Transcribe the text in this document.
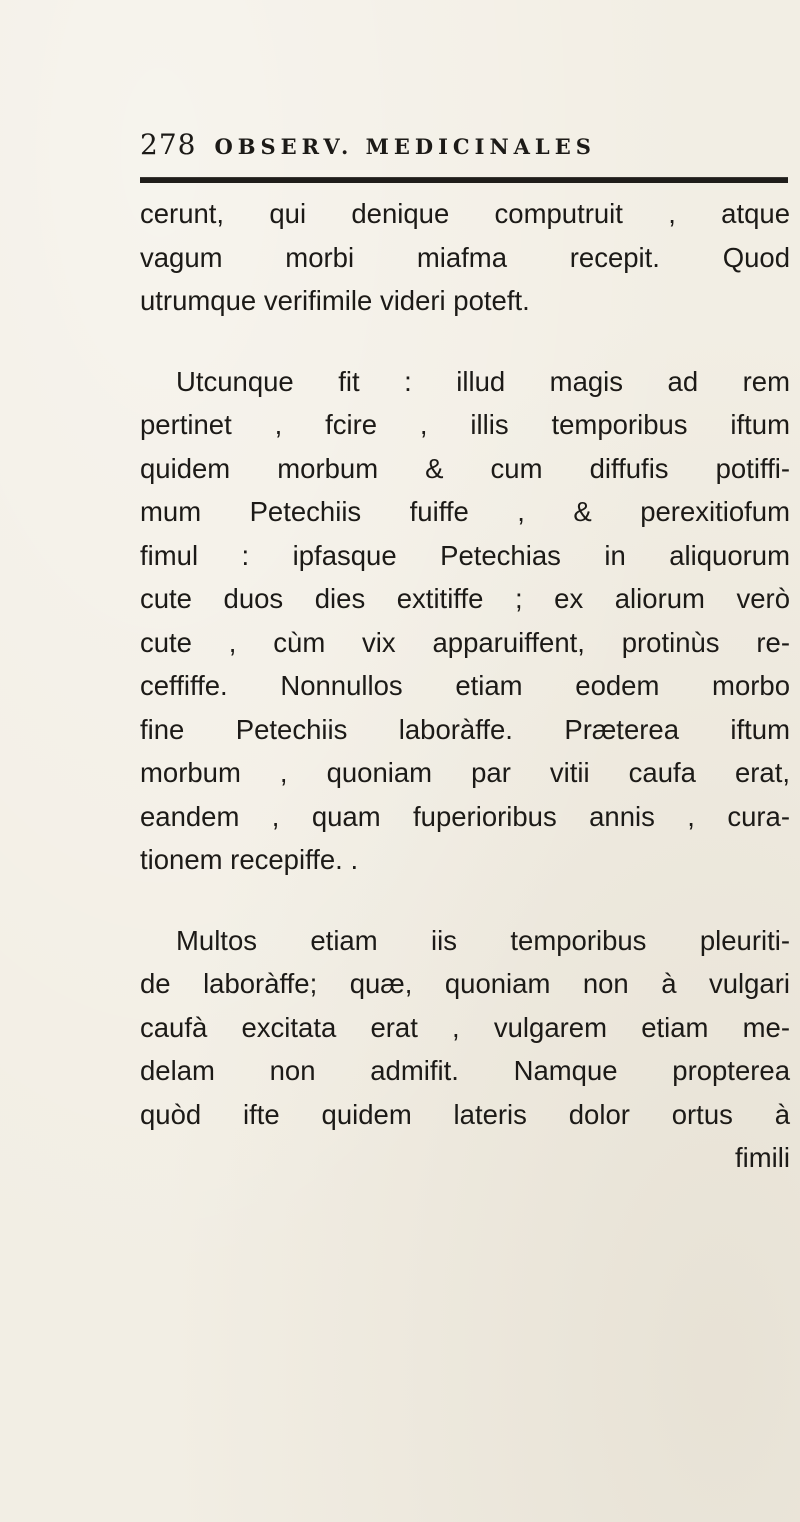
278 OBSERV. MEDICINALES
cerunt, qui denique computruit , atque
vagum morbi miafma recepit. Quod
utrumque verifimile videri poteft.
Utcunque fit : illud magis ad rem
pertinet , fcire , illis temporibus iftum
quidem morbum & cum diffufis potiffi-
mum Petechiis fuiffe , & perexitiofum
fimul : ipfasque Petechias in aliquorum
cute duos dies extitiffe ; ex aliorum verò
cute , cùm vix apparuiffent, protinùs re-
ceffiffe. Nonnullos etiam eodem morbo
fine Petechiis laboràffe. Præterea iftum
morbum , quoniam par vitii caufa erat,
eandem , quam fuperioribus annis , cura-
tionem recepiffe. .
Multos etiam iis temporibus pleuriti-
de laboràffe; quæ, quoniam non à vulgari
caufà excitata erat , vulgarem etiam me-
delam non admifit. Namque propterea
quòd ifte quidem lateris dolor ortus à
fimili
